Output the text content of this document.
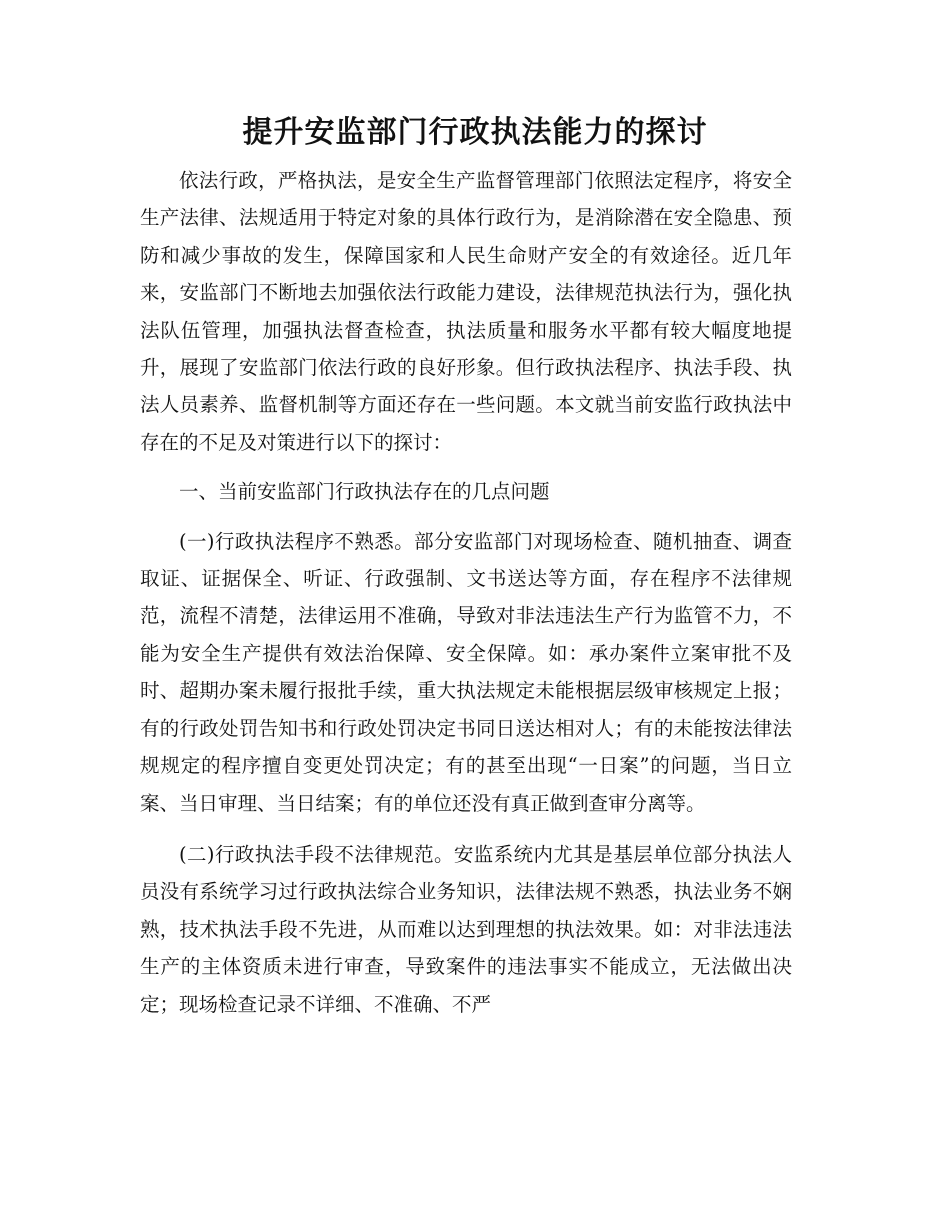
提升安监部门行政执法能力的探讨

依法行政，严格执法，是安全生产监督管理部门依照法定程序，将安全生产法律、法规适用于特定对象的具体行政行为，是消除潜在安全隐患、预防和减少事故的发生，保障国家和人民生命财产安全的有效途径。近几年来，安监部门不断地去加强依法行政能力建设，法律规范执法行为，强化执法队伍管理，加强执法督查检查，执法质量和服务水平都有较大幅度地提升，展现了安监部门依法行政的良好形象。但行政执法程序、执法手段、执法人员素养、监督机制等方面还存在一些问题。本文就当前安监行政执法中存在的不足及对策进行以下的探讨：

一、当前安监部门行政执法存在的几点问题

(一)行政执法程序不熟悉。部分安监部门对现场检查、随机抽查、调查取证、证据保全、听证、行政强制、文书送达等方面，存在程序不法律规范，流程不清楚，法律运用不准确，导致对非法违法生产行为监管不力，不能为安全生产提供有效法治保障、安全保障。如：承办案件立案审批不及时、超期办案未履行报批手续，重大执法规定未能根据层级审核规定上报；有的行政处罚告知书和行政处罚决定书同日送达相对人；有的未能按法律法规规定的程序擅自变更处罚决定；有的甚至出现“一日案”的问题，当日立案、当日审理、当日结案；有的单位还没有真正做到查审分离等。

(二)行政执法手段不法律规范。安监系统内尤其是基层单位部分执法人员没有系统学习过行政执法综合业务知识，法律法规不熟悉，执法业务不娴熟，技术执法手段不先进，从而难以达到理想的执法效果。如：对非法违法生产的主体资质未进行审查，导致案件的违法事实不能成立，无法做出决定；现场检查记录不详细、不准确、不严
